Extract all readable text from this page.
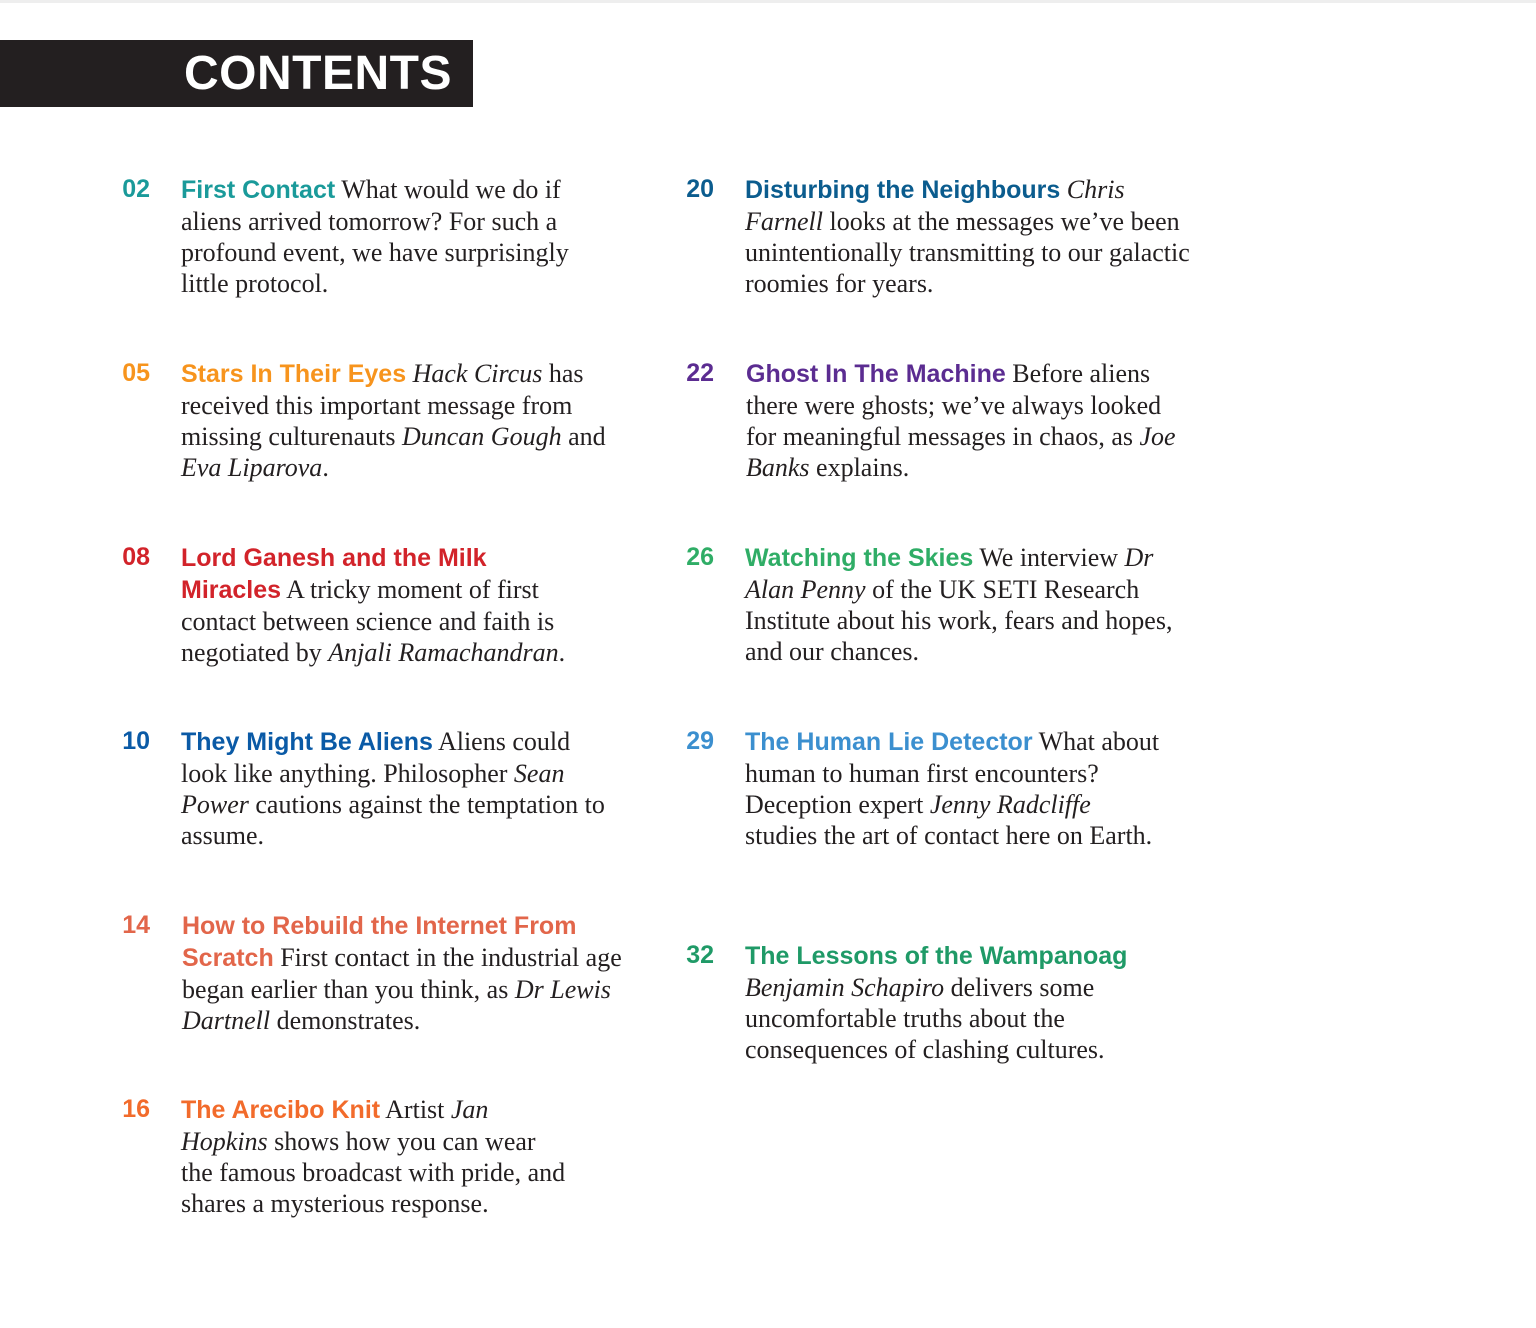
CONTENTS
02 First Contact What would we do if aliens arrived tomorrow? For such a profound event, we have surprisingly little protocol.
05 Stars In Their Eyes Hack Circus has received this important message from missing culturenauts Duncan Gough and Eva Liparova.
08 Lord Ganesh and the Milk Miracles A tricky moment of first contact between science and faith is negotiated by Anjali Ramachandran.
10 They Might Be Aliens Aliens could look like anything. Philosopher Sean Power cautions against the temptation to assume.
14 How to Rebuild the Internet From Scratch First contact in the industrial age began earlier than you think, as Dr Lewis Dartnell demonstrates.
16 The Arecibo Knit Artist Jan Hopkins shows how you can wear the famous broadcast with pride, and shares a mysterious response.
20 Disturbing the Neighbours Chris Farnell looks at the messages we’ve been unintentionally transmitting to our galactic roomies for years.
22 Ghost In The Machine Before aliens there were ghosts; we’ve always looked for meaningful messages in chaos, as Joe Banks explains.
26 Watching the Skies We interview Dr Alan Penny of the UK SETI Research Institute about his work, fears and hopes, and our chances.
29 The Human Lie Detector What about human to human first encounters? Deception expert Jenny Radcliffe studies the art of contact here on Earth.
32 The Lessons of the Wampanoag Benjamin Schapiro delivers some uncomfortable truths about the consequences of clashing cultures.
